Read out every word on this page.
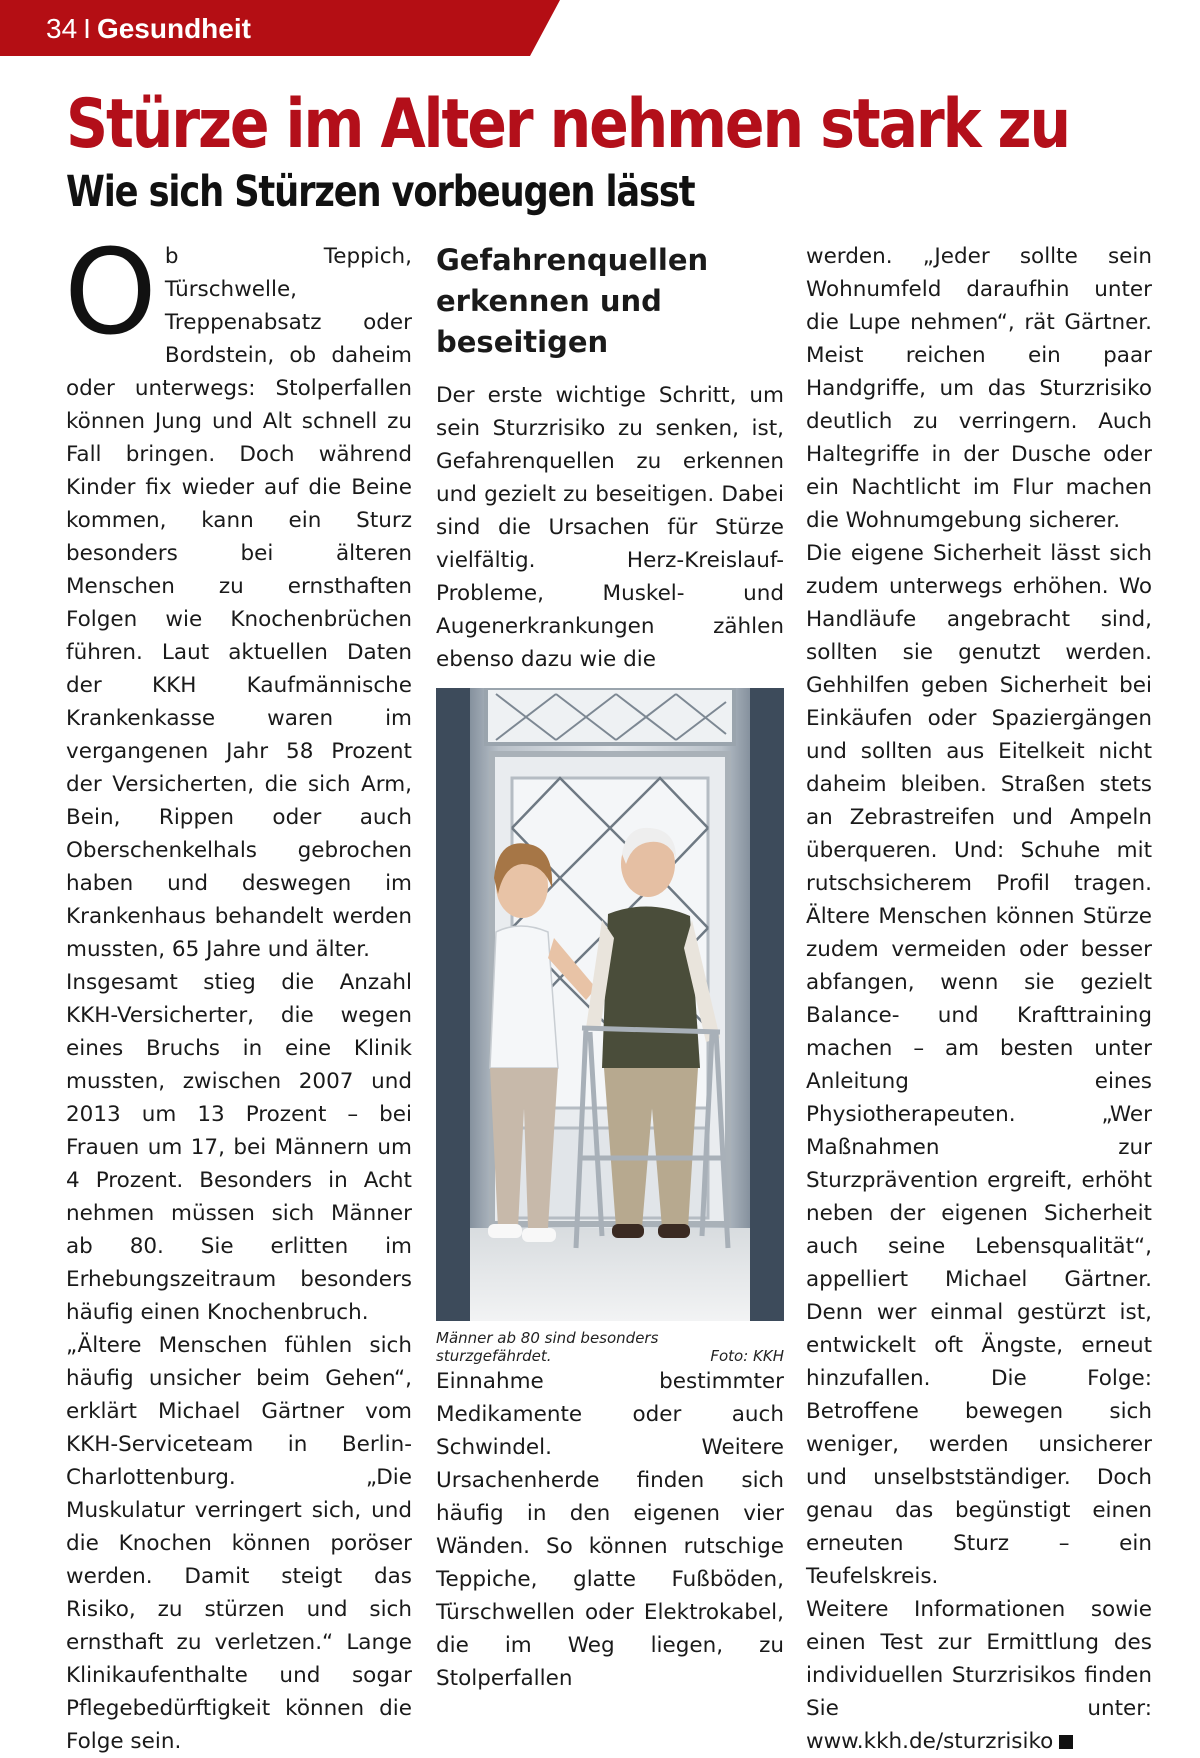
34 I Gesundheit
Stürze im Alter nehmen stark zu
Wie sich Stürzen vorbeugen lässt

Ob Teppich, Türschwelle, Treppenabsatz oder Bordstein, ob daheim oder unterwegs: Stolperfallen können Jung und Alt schnell zu Fall bringen. Doch während Kinder fix wieder auf die Beine kommen, kann ein Sturz besonders bei älteren Menschen zu ernsthaften Folgen wie Knochenbrüchen führen. Laut aktuellen Daten der KKH Kaufmännische Krankenkasse waren im vergangenen Jahr 58 Prozent der Versicherten, die sich Arm, Bein, Rippen oder auch Oberschenkelhals gebrochen haben und deswegen im Krankenhaus behandelt werden mussten, 65 Jahre und älter.

Insgesamt stieg die Anzahl KKH-Versicherter, die wegen eines Bruchs in eine Klinik mussten, zwischen 2007 und 2013 um 13 Prozent – bei Frauen um 17, bei Männern um 4 Prozent. Besonders in Acht nehmen müssen sich Männer ab 80. Sie erlitten im Erhebungszeitraum besonders häufig einen Knochenbruch.

„Ältere Menschen fühlen sich häufig unsicher beim Gehen“, erklärt Michael Gärtner vom KKH-Serviceteam in Berlin-Charlottenburg. „Die Muskulatur verringert sich, und die Knochen können poröser werden. Damit steigt das Risiko, zu stürzen und sich ernsthaft zu verletzen.“ Lange Klinikaufenthalte und sogar Pflegebedürftigkeit können die Folge sein.

Gefahrenquellen erkennen und beseitigen

Der erste wichtige Schritt, um sein Sturzrisiko zu senken, ist, Gefahrenquellen zu erkennen und gezielt zu beseitigen. Dabei sind die Ursachen für Stürze vielfältig. Herz-Kreislauf-Probleme, Muskel- und Augenerkrankungen zählen ebenso dazu wie die

Männer ab 80 sind besonders sturzgefährdet.	Foto: KKH

Einnahme bestimmter Medikamente oder auch Schwindel. Weitere Ursachenherde finden sich häufig in den eigenen vier Wänden. So können rutschige Teppiche, glatte Fußböden, Türschwellen oder Elektrokabel, die im Weg liegen, zu Stolperfallen

werden. „Jeder sollte sein Wohnumfeld daraufhin unter die Lupe nehmen“, rät Gärtner. Meist reichen ein paar Handgriffe, um das Sturzrisiko deutlich zu verringern. Auch Haltegriffe in der Dusche oder ein Nachtlicht im Flur machen die Wohnumgebung sicherer.

Die eigene Sicherheit lässt sich zudem unterwegs erhöhen. Wo Handläufe angebracht sind, sollten sie genutzt werden. Gehhilfen geben Sicherheit bei Einkäufen oder Spaziergängen und sollten aus Eitelkeit nicht daheim bleiben. Straßen stets an Zebrastreifen und Ampeln überqueren. Und: Schuhe mit rutschsicherem Profil tragen. Ältere Menschen können Stürze zudem vermeiden oder besser abfangen, wenn sie gezielt Balance- und Krafttraining machen – am besten unter Anleitung eines Physiotherapeuten. „Wer Maßnahmen zur Sturzprävention ergreift, erhöht neben der eigenen Sicherheit auch seine Lebensqualität“, appelliert Michael Gärtner. Denn wer einmal gestürzt ist, entwickelt oft Ängste, erneut hinzufallen. Die Folge: Betroffene bewegen sich weniger, werden unsicherer und unselbstständiger. Doch genau das begünstigt einen erneuten Sturz – ein Teufelskreis.

Weitere Informationen sowie einen Test zur Ermittlung des individuellen Sturzrisikos finden Sie unter: www.kkh.de/sturzrisiko
